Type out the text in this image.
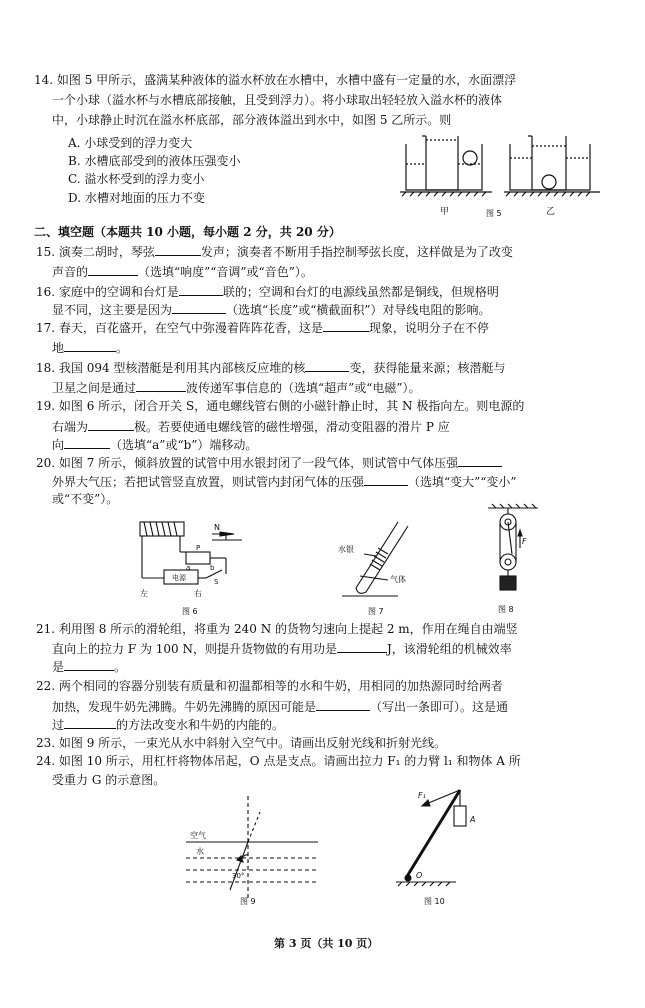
14. 如图 5 甲所示，盛满某种液体的溢水杯放在水槽中，水槽中盛有一定量的水，水面漂浮
一个小球（溢水杯与水槽底部接触，且受到浮力）。将小球取出轻轻放入溢水杯的液体
中，小球静止时沉在溢水杯底部，部分液体溢出到水中，如图 5 乙所示。则
A. 小球受到的浮力变大
B. 水槽底部受到的液体压强变小
C. 溢水杯受到的浮力变小
D. 水槽对地面的压力不变
甲	图 5	乙
二、填空题（本题共 10 小题，每小题 2 分，共 20 分）
15. 演奏二胡时，琴弦	发声；演奏者不断用手指控制琴弦长度，这样做是为了改变
声音的	（选填“响度”“音调”或“音色”）。
16. 家庭中的空调和台灯是	联的；空调和台灯的电源线虽然都是铜线，但规格明
显不同，这主要是因为	（选填“长度”或“横截面积”）对导线电阻的影响。
17. 春天，百花盛开，在空气中弥漫着阵阵花香，这是	现象，说明分子在不停
地	。
18. 我国 094 型核潜艇是利用其内部核反应堆的核	变，获得能量来源；核潜艇与
卫星之间是通过	波传递军事信息的（选填“超声”或“电磁”）。
19. 如图 6 所示，闭合开关 S，通电螺线管右侧的小磁针静止时，其 N 极指向左。则电源的
右端为	极。若要使通电螺线管的磁性增强，滑动变阻器的滑片 P 应
向	（选填“a”或“b”）端移动。
20. 如图 7 所示，倾斜放置的试管中用水银封闭了一段气体，则试管中气体压强
外界大气压；若把试管竖直放置，则试管内封闭气体的压强	（选填“变大”“变小”
或“不变”）。
N
P
a	b
S
电源
左	右
图 6
水银
气体
图 7
F
图 8
21. 利用图 8 所示的滑轮组，将重为 240 N 的货物匀速向上提起 2 m，作用在绳自由端竖
直向上的拉力 F 为 100 N，则提升货物做的有用功是	J，该滑轮组的机械效率
是	。
22. 两个相同的容器分别装有质量和初温都相等的水和牛奶，用相同的加热源同时给两者
加热，发现牛奶先沸腾。牛奶先沸腾的原因可能是	（写出一条即可）。这是通
过	的方法改变水和牛奶的内能的。
23. 如图 9 所示，一束光从水中斜射入空气中。请画出反射光线和折射光线。
24. 如图 10 所示，用杠杆将物体吊起，O 点是支点。请画出拉力 F₁ 的力臂 l₁ 和物体 A 所
受重力 G 的示意图。
空气
水
30°
图 9
F₁
A
O
图 10
第 3 页（共 10 页）
